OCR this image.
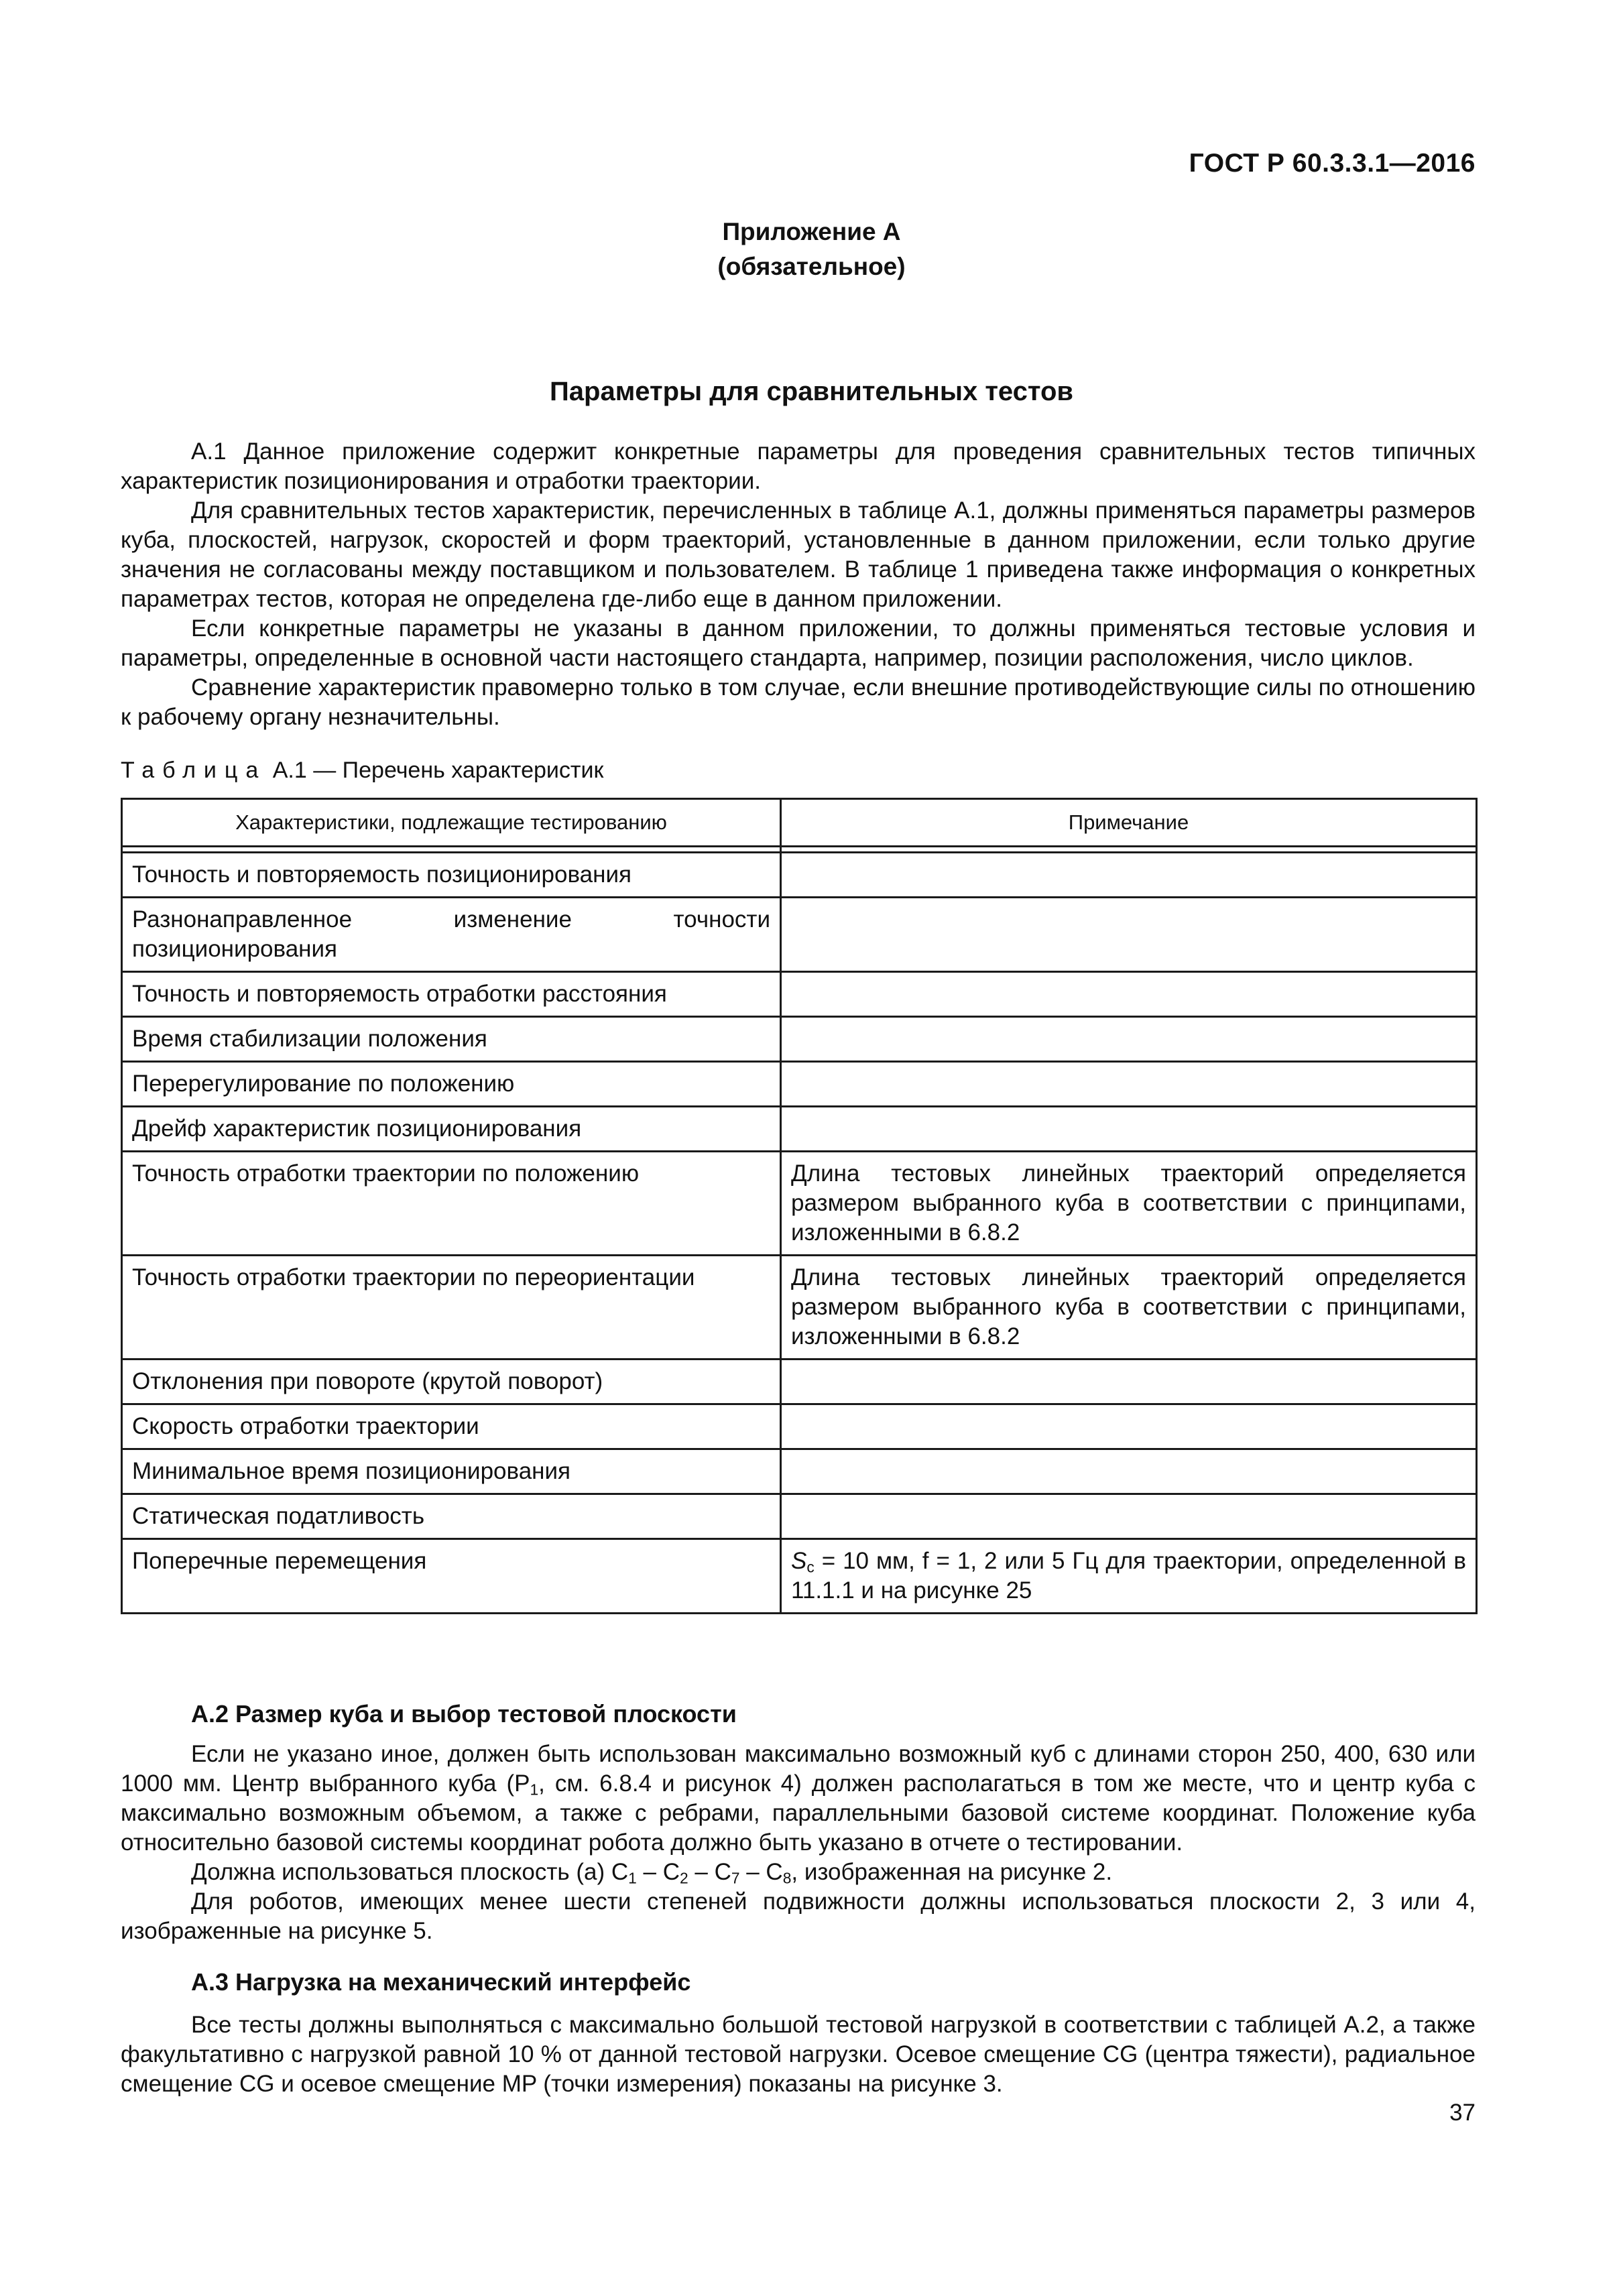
ГОСТ Р 60.3.3.1—2016
Приложение А
(обязательное)
Параметры для сравнительных тестов

А.1 Данное приложение содержит конкретные параметры для проведения сравнительных тестов типичных характеристик позиционирования и отработки траектории.

Для сравнительных тестов характеристик, перечисленных в таблице А.1, должны применяться параметры размеров куба, плоскостей, нагрузок, скоростей и форм траекторий, установленные в данном приложении, если только другие значения не согласованы между поставщиком и пользователем. В таблице 1 приведена также информация о конкретных параметрах тестов, которая не определена где-либо еще в данном приложении.

Если конкретные параметры не указаны в данном приложении, то должны применяться тестовые условия и параметры, определенные в основной части настоящего стандарта, например, позиции расположения, число циклов.

Сравнение характеристик правомерно только в том случае, если внешние противодействующие силы по отношению к рабочему органу незначительны.

Таблица А.1 — Перечень характеристик
Характеристики, подлежащие тестированию	Примечание

Точность и повторяемость позиционирования	
Разнонаправленное изменение точности позиционирования	
Точность и повторяемость отработки расстояния	
Время стабилизации положения	
Перерегулирование по положению	
Дрейф характеристик позиционирования	
Точность отработки траектории по положению	Длина тестовых линейных траекторий определяется размером выбранного куба в соответствии с принципами, изложенными в 6.8.2
Точность отработки траектории по переориентации	Длина тестовых линейных траекторий определяется размером выбранного куба в соответствии с принципами, изложенными в 6.8.2
Отклонения при повороте (крутой поворот)	
Скорость отработки траектории	
Минимальное время позиционирования	
Статическая податливость	
Поперечные перемещения	$S_c = 10$ мм, f = 1, 2 или 5 Гц для траектории, определенной в 11.1.1 и на рисунке 25

А.2 Размер куба и выбор тестовой плоскости

Если не указано иное, должен быть использован максимально возможный куб с длинами сторон 250, 400, 630 или 1000 мм. Центр выбранного куба ($P_1$, см. 6.8.4 и рисунок 4) должен располагаться в том же месте, что и центр куба с максимально возможным объемом, а также с ребрами, параллельными базовой системе координат. Положение куба относительно базовой системы координат робота должно быть указано в отчете о тестировании.

Должна использоваться плоскость (а) $C_1 - C_2 - C_7 - C_8$, изображенная на рисунке 2.

Для роботов, имеющих менее шести степеней подвижности должны использоваться плоскости 2, 3 или 4, изображенные на рисунке 5.

А.3 Нагрузка на механический интерфейс

Все тесты должны выполняться с максимально большой тестовой нагрузкой в соответствии с таблицей А.2, а также факультативно с нагрузкой равной 10 % от данной тестовой нагрузки. Осевое смещение CG (центра тяжести), радиальное смещение CG и осевое смещение MP (точки измерения) показаны на рисунке 3.

37
